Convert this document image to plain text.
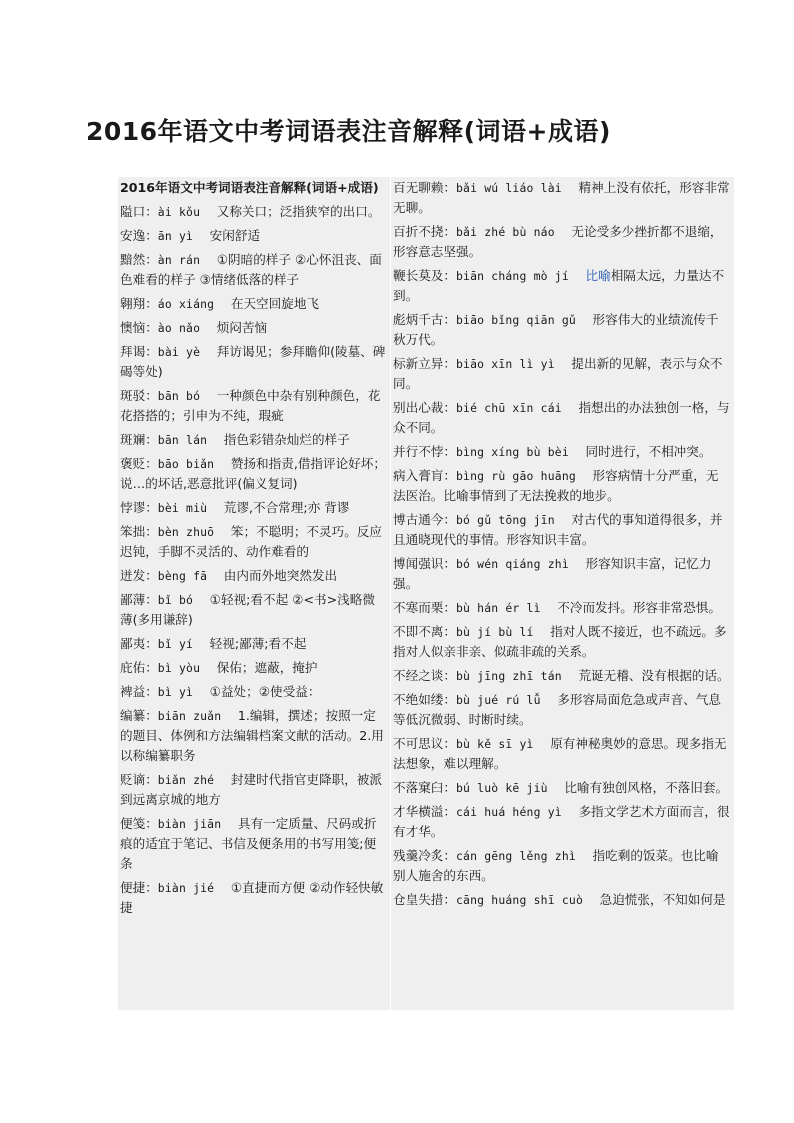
2016年语文中考词语表注音解释(词语+成语)
2016年语文中考词语表注音解释(词语+成语)
隘口：ài kǒu　 又称关口；泛指狭窄的出口。
安逸：ān yì　 安闲舒适
黯然：àn rán　 ①阴暗的样子 ②心怀沮丧、面色难看的样子 ③情绪低落的样子
翱翔：áo xiáng　 在天空回旋地飞
懊恼：ào nǎo　 烦闷苦恼
拜谒：bài yè　 拜访谒见；参拜瞻仰(陵墓、碑碣等处)
斑驳：bān bó　 一种颜色中杂有别种颜色，花花搭搭的；引申为不纯，瑕疵
斑斓：bān lán　 指色彩错杂灿烂的样子
褒贬：bāo biǎn　 赞扬和指责,借指评论好坏；说…的坏话,恶意批评(偏义复词)
悖谬：bèi miù　 荒谬,不合常理;亦 背谬
笨拙：bèn zhuō　 笨；不聪明；不灵巧。反应迟钝，手脚不灵活的、动作难看的
迸发：bèng fā　 由内而外地突然发出
鄙薄：bǐ bó　 ①轻视;看不起 ②<书>浅略微薄(多用谦辞)
鄙夷：bǐ yí　 轻视;鄙薄;看不起
庇佑：bì yòu　 保佑；遮蔽，掩护
裨益：bì yì　 ①益处；②使受益：
编纂：biān zuǎn　 1.编辑，撰述；按照一定的题目、体例和方法编辑档案文献的活动。2.用以称编纂职务
贬谪：biǎn zhé　 封建时代指官吏降职，被派到远离京城的地方
便笺：biàn jiān　 具有一定质量、尺码或折痕的适宜于笔记、书信及便条用的书写用笺;便条
便捷：biàn jié　 ①直捷而方便 ②动作轻快敏捷
百无聊赖：bǎi wú liáo lài　 精神上没有依托，形容非常无聊。
百折不挠：bǎi zhé bù náo　 无论受多少挫折都不退缩，形容意志坚强。
鞭长莫及：biān cháng mò jí　 比喻相隔太远，力量达不到。
彪炳千古：biāo bǐng qiān gǔ　 形容伟大的业绩流传千秋万代。
标新立异：biāo xīn lì yì　 提出新的见解，表示与众不同。
别出心裁：bié chū xīn cái　 指想出的办法独创一格，与众不同。
并行不悖：bìng xíng bù bèi　 同时进行，不相冲突。
病入膏肓：bìng rù gāo huāng　 形容病情十分严重，无法医治。比喻事情到了无法挽救的地步。
博古通今：bó gǔ tōng jīn　 对古代的事知道得很多，并且通晓现代的事情。形容知识丰富。
博闻强识：bó wén qiáng zhì　 形容知识丰富，记忆力强。
不寒而栗：bù hán ér lì　 不冷而发抖。形容非常恐惧。
不即不离：bù jí bù lí　 指对人既不接近，也不疏远。多指对人似亲非亲、似疏非疏的关系。
不经之谈：bù jīng zhī tán　 荒诞无稽、没有根据的话。
不绝如缕：bù jué rú lǚ　 多形容局面危急或声音、气息等低沉微弱、时断时续。
不可思议：bù kě sī yì　 原有神秘奥妙的意思。现多指无法想象，难以理解。
不落窠臼：bú luò kē jiù　 比喻有独创风格，不落旧套。
才华横溢：cái huá héng yì　 多指文学艺术方面而言，很有才华。
残羹冷炙：cán gēng lěng zhì　 指吃剩的饭菜。也比喻别人施舍的东西。
仓皇失措：cāng huáng shī cuò　 急迫慌张，不知如何是
